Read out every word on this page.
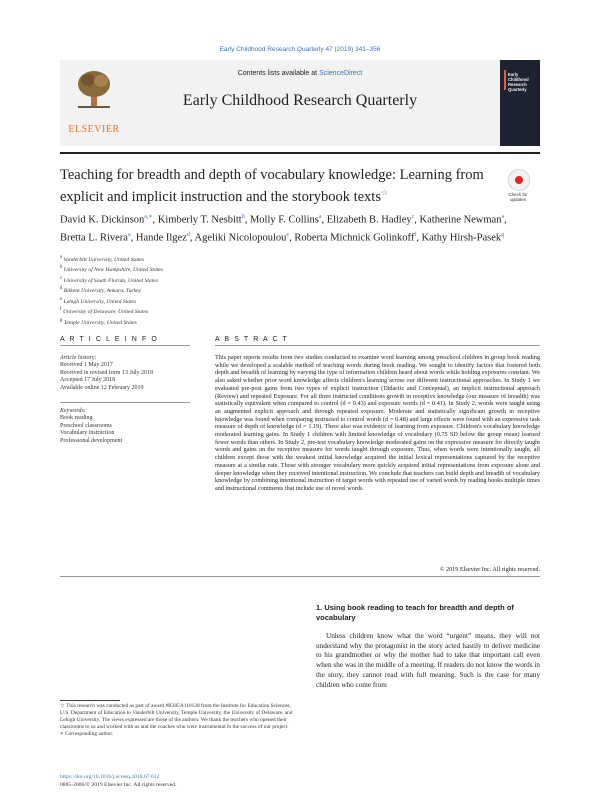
Early Childhood Research Quarterly 47 (2019) 341–356
ELSEVIER
Contents lists available at ScienceDirect
Early Childhood Research Quarterly
Early Childhood Research Quarterly
Teaching for breadth and depth of vocabulary knowledge: Learning from explicit and implicit instruction and the storybook texts☆	Check for updates
David K. Dickinson$^{a,∗}$, Kimberly T. Nesbitt$^b$, Molly F. Collins$^a$, Elizabeth B. Hadley$^c$, Katherine Newman$^a$, Bretta L. Rivera$^a$, Hande Ilgez$^d$, Ageliki Nicolopoulou$^e$, Roberta Michnick Golinkoff$^f$, Kathy Hirsh-Pasek$^g$
$^a$ Vanderbilt University, United States
$^b$ University of New Hampshire, United States
$^c$ University of South Florida, United States
$^d$ Bilkent University, Ankara, Turkey
$^e$ Lehigh University, United States
$^f$ University of Delaware, United States
$^g$ Temple University, United States
A R T I C L E I N F O	A B S T R A C T
Article history:
Received 1 May 2017
Received in revised form 13 July 2018
Accepted 17 July 2018
Available online 12 February 2019
Keywords:
Book reading
Preschool classrooms
Vocabulary instruction
Professional development
This paper reports results from two studies conducted to examine word learning among preschool children in group book reading while we developed a scalable method of teaching words during book reading. We sought to identify factors that fostered both depth and breadth of learning by varying the type of information children heard about words while holding exposures constant. We also asked whether prior word knowledge affects children's learning across our different instructional approaches. In Study 1 we evaluated pre-post gains from two types of explicit instruction (Didactic and Conceptual), an implicit instructional approach (Review) and repeated Exposure. For all three instructed conditions growth in receptive knowledge (our measure of breadth) was statistically equivalent when compared to control (d = 0.43) and exposure words (d = 0.41). In Study 2, words were taught using an augmented explicit approach and through repeated exposure. Moderate and statistically significant growth in receptive knowledge was found when comparing instructed to control words (d = 0.48) and large effects were found with an expressive task measure of depth of knowledge (d = 1.19). There also was evidence of learning from exposure. Children's vocabulary knowledge moderated learning gains. In Study 1 children with limited knowledge of vocabulary (0.75 SD below the group mean) learned fewer words than others. In Study 2, pre-test vocabulary knowledge moderated gains on the expressive measure for directly taught words and gains on the receptive measure for words taught through exposure. Thus, when words were intentionally taught, all children except those with the weakest initial knowledge acquired the initial lexical representations captured by the receptive measure at a similar rate. Those with stronger vocabulary more quickly acquired initial representations from exposure alone and deeper knowledge when they received intentional instruction. We conclude that teachers can build depth and breadth of vocabulary knowledge by combining intentional instruction of target words with repeated use of varied words by reading books multiple times and instructional comments that include use of novel words.
© 2019 Elsevier Inc. All rights reserved.
1. Using book reading to teach for breadth and depth of vocabulary
Unless children know what the word “urgent” means, they will not understand why the protagonist in the story acted hastily to deliver medicine to his grandmother or why the mother had to take that important call even when she was in the middle of a meeting. If readers do not know the words in the story, they cannot read with full meaning. Such is the case for many children who come from
☆ This research was conducted as part of award #R305A110128 from the Institute for Education Sciences, U.S. Department of Education to Vanderbilt University, Temple University, the University of Delaware, and Lehigh University. The views expressed are those of the authors. We thank the teachers who opened their classrooms to us and worked with us and the coaches who were instrumental in the success of our project.
∗ Corresponding author.
https://doi.org/10.1016/j.ecresq.2018.07.012
0885-2006/© 2019 Elsevier Inc. All rights reserved.
